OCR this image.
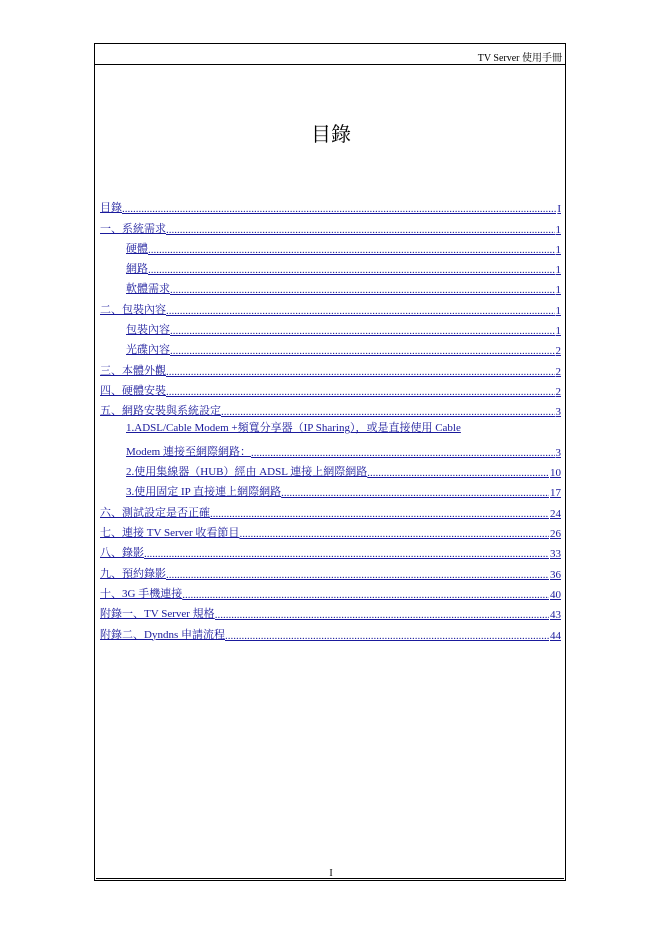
TV Server 使用手冊
目錄
目錄 .....	I
一、系統需求 .....	1
硬體 .....	1
網路 .....	1
軟體需求 .....	1
二、包裝內容 .....	1
包裝內容 .....	1
光碟內容 .....	2
三、本體外觀 .....	2
四、硬體安裝 .....	2
五、網路安裝與系統設定 .....	3
1.ADSL/Cable Modem +頻寬分享器（IP Sharing），或是直接使用 Cable
Modem 連接至網際網路： .....	3
2.使用集線器（HUB）經由 ADSL 連接上網際網路 .....	10
3.使用固定 IP 直接連上網際網路 .....	17
六、測試設定是否正確 .....	24
七、連接 TV Server 收看節目 .....	26
八、錄影 .....	33
九、預約錄影 .....	36
十、3G 手機連接 .....	40
附錄一、TV Server 規格 .....	43
附錄二、Dyndns 申請流程 .....	44
I
